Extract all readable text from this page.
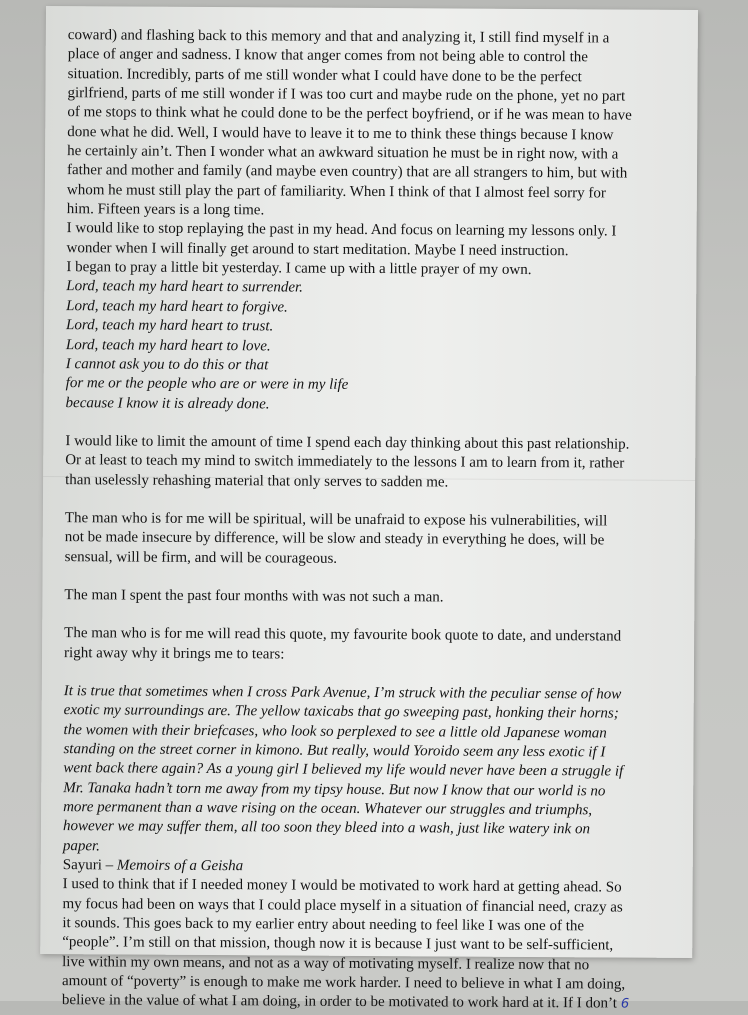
coward) and flashing back to this memory and that and analyzing it, I still find myself in a
place of anger and sadness. I know that anger comes from not being able to control the
situation. Incredibly, parts of me still wonder what I could have done to be the perfect
girlfriend, parts of me still wonder if I was too curt and maybe rude on the phone, yet no part
of me stops to think what he could done to be the perfect boyfriend, or if he was mean to have
done what he did. Well, I would have to leave it to me to think these things because I know
he certainly ain’t. Then I wonder what an awkward situation he must be in right now, with a
father and mother and family (and maybe even country) that are all strangers to him, but with
whom he must still play the part of familiarity. When I think of that I almost feel sorry for
him. Fifteen years is a long time.
I would like to stop replaying the past in my head. And focus on learning my lessons only. I
wonder when I will finally get around to start meditation. Maybe I need instruction.
I began to pray a little bit yesterday. I came up with a little prayer of my own.
Lord, teach my hard heart to surrender.
Lord, teach my hard heart to forgive.
Lord, teach my hard heart to trust.
Lord, teach my hard heart to love.
I cannot ask you to do this or that
for me or the people who are or were in my life
because I know it is already done.
I would like to limit the amount of time I spend each day thinking about this past relationship.
Or at least to teach my mind to switch immediately to the lessons I am to learn from it, rather
than uselessly rehashing material that only serves to sadden me.
The man who is for me will be spiritual, will be unafraid to expose his vulnerabilities, will
not be made insecure by difference, will be slow and steady in everything he does, will be
sensual, will be firm, and will be courageous.
The man I spent the past four months with was not such a man.
The man who is for me will read this quote, my favourite book quote to date, and understand
right away why it brings me to tears:
It is true that sometimes when I cross Park Avenue, I’m struck with the peculiar sense of how
exotic my surroundings are. The yellow taxicabs that go sweeping past, honking their horns;
the women with their briefcases, who look so perplexed to see a little old Japanese woman
standing on the street corner in kimono. But really, would Yoroido seem any less exotic if I
went back there again? As a young girl I believed my life would never have been a struggle if
Mr. Tanaka hadn’t torn me away from my tipsy house. But now I know that our world is no
more permanent than a wave rising on the ocean. Whatever our struggles and triumphs,
however we may suffer them, all too soon they bleed into a wash, just like watery ink on
paper.
Sayuri – Memoirs of a Geisha
I used to think that if I needed money I would be motivated to work hard at getting ahead. So
my focus had been on ways that I could place myself in a situation of financial need, crazy as
it sounds. This goes back to my earlier entry about needing to feel like I was one of the
“people”. I’m still on that mission, though now it is because I just want to be self-sufficient,
live within my own means, and not as a way of motivating myself. I realize now that no
amount of “poverty” is enough to make me work harder. I need to believe in what I am doing,
believe in the value of what I am doing, in order to be motivated to work hard at it. If I don’t 6
